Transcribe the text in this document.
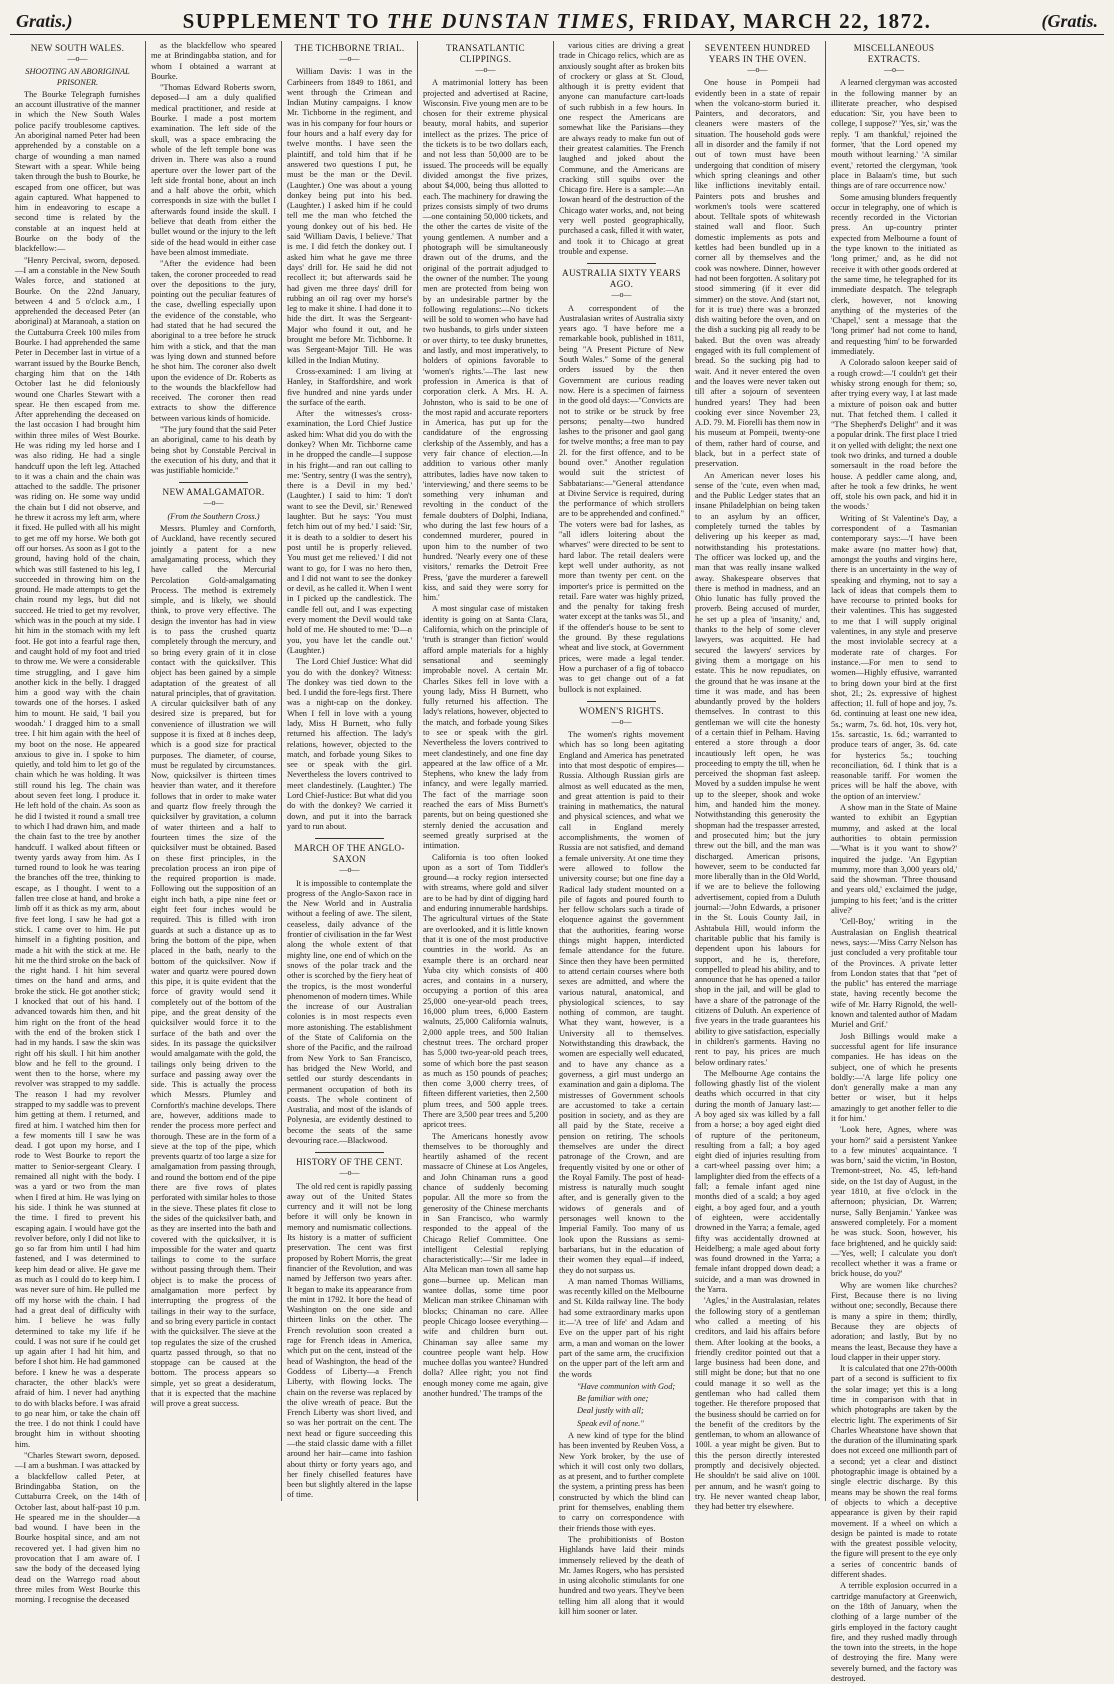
Gratis.)	SUPPLEMENT TO THE DUNSTAN TIMES, FRIDAY, MARCH 22, 1872.	(Gratis.
NEW SOUTH WALES.
—o—
SHOOTING AN ABORIGINAL PRISONER.

The Bourke Telegraph furnishes an account illustrative of the manner in which the New South Wales police pacify troublesome captives. An aboriginal named Peter had been apprehended by a constable on a charge of wounding a man named Stewart with a spear. While being taken through the bush to Bourke, he escaped from one officer, but was again captured. What happened to him in endeavoring to escape a second time is related by the constable at an inquest held at Bourke on the body of the blackfellow:—

"Henry Percival, sworn, deposed.—I am a constable in the New South Wales force, and stationed at Bourke. On the 22nd January, between 4 and 5 o'clock a.m., I apprehended the deceased Peter (an aboriginal) at Maranoah, a station on the Cuttaburra Creek 100 miles from Bourke. I had apprehended the same Peter in December last in virtue of a warrant issued by the Bourke Bench, charging him that on the 14th October last he did feloniously wound one Charles Stewart with a spear. He then escaped from me. After apprehending the deceased on the last occasion I had brought him within three miles of West Bourke. He was riding my led horse and I was also riding. He had a single handcuff upon the left leg. Attached to it was a chain and the chain was attached to the saddle. The prisoner was riding on. He some way undid the chain but I did not observe, and he threw it across my left arm, where it fixed. He pulled with all his might to get me off my horse. We both got off our horses. As soon as I got to the ground, having hold of the chain, which was still fastened to his leg, I succeeded in throwing him on the ground. He made attempts to get the chain round my legs, but did not succeed. He tried to get my revolver, which was in the pouch at my side. I hit him in the stomach with my left foot. He got into a fearful rage then, and caught hold of my foot and tried to throw me. We were a considerable time struggling, and I gave him another kick in the belly. I dragged him a good way with the chain towards one of the horses. I asked him to mount. He said, 'I bail you woodah.' I dragged him to a small tree. I hit him again with the heel of my boot on the nose. He appeared anxious to give in. I spoke to him quietly, and told him to let go of the chain which he was holding. It was still round his leg. The chain was about seven feet long. I produce it. He left hold of the chain. As soon as he did I twisted it round a small tree to which I had drawn him, and made the chain fast to the tree by another handcuff. I walked about fifteen or twenty yards away from him. As I turned round to look he was tearing the branches off the tree, thinking to escape, as I thought. I went to a fallen tree close at hand, and broke a limb off it as thick as my arm, about five feet long. I saw he had got a stick. I came over to him. He put himself in a fighting position, and made a hit with the stick at me. He hit me the third stroke on the back of the right hand. I hit him several times on the hand and arms, and broke the stick. He got another stick; I knocked that out of his hand. I advanced towards him then, and hit him right on the front of the head with the end of the broken stick I had in my hands. I saw the skin was right off his skull. I hit him another blow and he fell to the ground. I went then to the horse, where my revolver was strapped to my saddle. The reason I had my revolver strapped to my saddle was to prevent him getting at them. I returned, and fired at him. I watched him then for a few moments till I saw he was dead. I got upon my horse, and I rode to West Bourke to report the matter to Senior-sergeant Cleary. I remained all night with the body. I was a yard or two from the man when I fired at him. He was lying on his side. I think he was stunned at the time. I fired to prevent his escaping again. I would have got the revolver before, only I did not like to go so far from him until I had him fastened, and I was determined to keep him dead or alive. He gave me as much as I could do to keep him. I was never sure of him. He pulled me off my horse with the chain. I had had a great deal of difficulty with him. I believe he was fully determined to take my life if he could. I was not sure if he could get up again after I had hit him, and before I shot him. He had gammoned before. I knew he was a desperate character, the other black's were afraid of him. I never had anything to do with blacks before. I was afraid to go near him, or take the chain off the tree. I do not think I could have brought him in without shooting him.

"Charles Stewart sworn, deposed.—I am a bushman. I was attacked by a blackfellow called Peter, at Brindingabba Station, on the Cuttaburra Creek, on the 14th of October last, about half-past 10 p.m. He speared me in the shoulder—a bad wound. I have been in the Bourke hospital since, and am not recovered yet. I had given him no provocation that I am aware of. I saw the body of the deceased lying dead on the Warrego road about three miles from West Bourke this morning. I recognise the deceased

as the blackfellow who speared me at Brindingabba station, and for whom I obtained a warrant at Bourke.

"Thomas Edward Roberts sworn, deposed—I am a duly qualified medical practitioner, and reside at Bourke. I made a post mortem examination. The left side of the skull, was a space embracing the whole of the left temple bone was driven in. There was also a round aperture over the lower part of the left side frontal bone, about an inch and a half above the orbit, which corresponds in size with the bullet I afterwards found inside the skull. I believe that death from either the bullet wound or the injury to the left side of the head would in either case have been almost immediate.

"After the evidence had been taken, the coroner proceeded to read over the depositions to the jury, pointing out the peculiar features of the case, dwelling especially upon the evidence of the constable, who had stated that he had secured the aboriginal to a tree before he struck him with a stick, and that the man was lying down and stunned before he shot him. The coroner also dwelt upon the evidence of Dr. Roberts as to the wounds the blackfellow had received. The coroner then read extracts to show the difference between various kinds of homicide.

"The jury found that the said Peter an aboriginal, came to his death by being shot by Constable Percival in the execution of his duty, and that it was justifiable homicide."

NEW AMALGAMATOR.
—o—
(From the Southern Cross.)

Messrs. Plumley and Cornforth, of Auckland, have recently secured jointly a patent for a new amalgamating process, which they have called the Mercurial Percolation Gold-amalgamating Process. The method is extremely simple, and is likely, we should think, to prove very effective. The design the inventor has had in view is to pass the crushed quartz completely through the mercury, and so bring every grain of it in close contact with the quicksilver. This object has been gained by a simple adaptation of the greatest of all natural principles, that of gravitation. A circular quicksilver bath of any desired size is prepared, but for convenience of illustration we will suppose it is fixed at 8 inches deep, which is a good size for practical purposes. The diameter, of course, must be regulated by circumstances. Now, quicksilver is thirteen times heavier than water, and it therefore follows that in order to make water and quartz flow freely through the quicksilver by gravitation, a column of water thirteen and a half to fourteen times the size of the quicksilver must be obtained. Based on these first principles, in the precolation process an iron pipe of the required proportion is made. Following out the supposition of an eight inch bath, a pipe nine feet or eight feet four inches would be required. This is filled with iron guards at such a distance up as to bring the bottom of the pipe, when placed in the bath, nearly to the bottom of the quicksilver. Now if water and quartz were poured down this pipe, it is quite evident that the force of gravity would send it completely out of the bottom of the pipe, and the great density of the quicksilver would force it to the surface of the bath and over the sides. In its passage the quicksilver would amalgamate with the gold, the tailings only being driven to the surface and passing away over the side. This is actually the process which Messrs. Plumley and Cornforth's machine develops. There are, however, additions made to render the process more perfect and thorough. These are in the form of a sieve at the top of the pipe, which prevents quartz of too large a size for amalgamation from passing through, and round the bottom end of the pipe there are five rows of plates perforated with similar holes to those in the sieve. These plates fit close to the sides of the quicksilver bath, and as they are inserted into the bath and covered with the quicksilver, it is impossible for the water and quartz tailings to come to the surface without passing through them. Their object is to make the process of amalgamation more perfect by interrupting the progress of the tailings in their way to the surface, and so bring every particle in contact with the quicksilver. The sieve at the top regulates the size of the crushed quartz passed through, so that no stoppage can be caused at the bottom. The process appears so simple, yet so great a desideratum, that it is expected that the machine will prove a great success.

THE TICHBORNE TRIAL.
—o—

William Davis: I was in the Carbineers from 1849 to 1861, and went through the Crimean and Indian Mutiny campaigns. I know Mr. Tichborne in the regiment, and was in his company for four hours or four hours and a half every day for twelve months. I have seen the plaintiff, and told him that if he answered two questions I put, he must be the man or the Devil. (Laughter.) One was about a young donkey being put into his bed. (Laughter.) I asked him if he could tell me the man who fetched the young donkey out of his bed. He said 'William Davis, I believe.' That is me. I did fetch the donkey out. I asked him what he gave me three days' drill for. He said he did not recollect it; but afterwards said he had given me three days' drill for rubbing an oil rag over my horse's leg to make it shine. I had done it to hide the dirt. It was the Sergeant-Major who found it out, and he brought me before Mr. Tichborne. It was Sergeant-Major Till. He was killed in the Indian Mutiny.

Cross-examined: I am living at Hanley, in Staffordshire, and work five hundred and nine yards under the surface of the earth.

After the witnesses's cross-examination, the Lord Chief Justice asked him: What did you do with the donkey? When Mr. Tichborne came in he dropped the candle—I suppose in his fright—and ran out calling to me: 'Sentry, sentry (I was the sentry), there is a Devil in my bed.' (Laughter.) I said to him: 'I don't want to see the Devil, sir.' Renewed laughter. But he says: 'You must fetch him out of my bed.' I said: 'Sir, it is death to a soldier to desert his post until he is properly relieved. You must get me relieved.' I did not want to go, for I was no hero then, and I did not want to see the donkey or devil, as he called it. When I went in I picked up the candlestick. The candle fell out, and I was expecting every moment the Devil would take hold of me. He shouted to me: 'D—n you, you have let the candle out.' (Laughter.)

The Lord Chief Justice: What did you do with the donkey? Witness: The donkey was tied down to the bed. I undid the fore-legs first. There was a night-cap on the donkey. When I fell in love with a young lady, Miss H Burnett, who fully returned his affection. The lady's relations, however, objected to the match, and forbade young Sikes to see or speak with the girl. Nevertheless the lovers contrived to meet clandestinely. (Laughter.) The Lord Chief-Justice: But what did you do with the donkey? We carried it down, and put it into the barrack yard to run about.

MARCH OF THE ANGLO-SAXON
—o—

It is impossible to contemplate the progress of the Anglo-Saxon race in the New World and in Australia without a feeling of awe. The silent, ceaseless, daily advance of the frontier of civilisation in the far West along the whole extent of that mighty line, one end of which on the snows of the polar track and the other is scorched by the fiery heat of the tropics, is the most wonderful phenomenon of modern times. While the increase of our Australian colonies is in most respects even more astonishing. The establishment of the State of California on the shore of the Pacific, and the railroad from New York to San Francisco, has bridged the New World, and settled our sturdy descendants in permanent occupation of both its coasts. The whole continent of Australia, and most of the islands of Polynesia, are evidently destined to become the seats of the same devouring race.—Blackwood.

HISTORY OF THE CENT.
—o—

The old red cent is rapidly passing away out of the United States currency and it will not be long before it will only be known in memory and numismatic collections. Its history is a matter of sufficient preservation. The cent was first proposed by Robert Morris, the great financier of the Revolution, and was named by Jefferson two years after. It began to make its appearance from the mint in 1792. It bore the head of Washington on the one side and thirteen links on the other. The French revolution soon created a rage for French ideas in America, which put on the cent, instead of the head of Washington, the head of the Goddess of Liberty—a French Liberty, with flowing locks. The chain on the reverse was replaced by the olive wreath of peace. But the French Liberty was short lived, and so was her portrait on the cent. The next head or figure succeeding this—the staid classic dame with a fillet around her hair—came into fashion about thirty or forty years ago, and her finely chiselled features have been but slightly altered in the lapse of time.

TRANSATLANTIC CLIPPINGS.
—o—

A matrimonial lottery has been projected and advertised at Racine, Wisconsin. Five young men are to be chosen for their extreme physical beauty, moral habits, and superior intellect as the prizes. The price of the tickets is to be two dollars each, and not less than 50,000 are to be issued. The proceeds will be equally divided amongst the five prizes, about $4,000, being thus allotted to each. The machinery for drawing the prizes consists simply of two drums—one containing 50,000 tickets, and the other the cartes de visite of the young gentlemen. A number and a photograph will be simultaneously drawn out of the drums, and the original of the portrait adjudged to the owner of the number. The young men are protected from being won by an undesirable partner by the following regulations:—No tickets will be sold to women who have had two husbands, to girls under sixteen or over thirty, to tee dusky brunettes, and lastly, and most imperatively, to holders of opinions favorable to 'women's rights.'—The last new profession in America is that of corporation clerk. A Mrs. H. A. Johnston, who is said to be one of the most rapid and accurate reporters in America, has put up for the candidature of the engrossing clerkship of the Assembly, and has a very fair chance of election.—In addition to various other manly attributes, ladies have now taken to 'interviewing,' and there seems to be something very inhuman and revolting in the conduct of the female doubters of Dolphi, Indiana, who during the last few hours of a condemned murderer, poured in upon him to the number of two hundred. 'Nearly every one of these visitors,' remarks the Detroit Free Press, 'gave the murderer a farewell kiss, and said they were sorry for him.'

A most singular case of mistaken identity is going on at Santa Clara, California, which on the principle of 'truth is stranger than fiction' would afford ample materials for a highly sensational and seemingly improbable novel. A certain Mr. Charles Sikes fell in love with a young lady, Miss H Burnett, who fully returned his affection. The lady's relations, however, objected to the match, and forbade young Sikes to see or speak with the girl. Nevertheless the lovers contrived to meet clandestinely, and one fine day appeared at the law office of a Mr. Stephens, who knew the lady from infancy, and were legally married. The fact of the marriage soon reached the ears of Miss Burnett's parents, but on being questioned she sternly denied the accusation and seemed greatly surprised at the intimation.

California is too often looked upon as a sort of Tom Tiddler's ground—a rocky region intersected with streams, where gold and silver are to be had by dint of digging hard and enduring innumerable hardships. The agricultural virtues of the State are overlooked, and it is little known that it is one of the most productive countries in the world. As an example there is an orchard near Yuba city which consists of 400 acres, and contains in a nursery, occupying a portion of this area 25,000 one-year-old peach trees, 16,000 plum trees, 6,000 Eastern walnuts, 25,000 California walnuts, 2,000 apple trees, and 500 Italian chestnut trees. The orchard proper has 5,000 two-year-old peach trees, some of which bore the past season as much as 150 pounds of peaches; then come 3,000 cherry trees, of fifteen different varieties, then 2,500 plum trees, and 500 apple trees. There are 3,500 pear trees and 5,200 apricot trees.

The Americans honestly avow themselves to be thoroughly and heartily ashamed of the recent massacre of Chinese at Los Angeles, and John Chinaman runs a good chance of suddenly becoming popular. All the more so from the generosity of the Chinese merchants in San Francisco, who warmly responded to the appeal of the Chicago Relief Committee. One intelligent Celestial replying characteristically:—'Sir me ladee in Alta Melican man town all same hap gone—burnee up. Melican man wantee dollas, some time poor Melican man strikee Chinaman with blocks; Chinaman no care. Allee people Chicago loosee everything—wife and children burn out. Chinaman say allee same my countree people want help. How muchee dollas you wantee? Hundred dolla? Allee right; you not find enough money come me again, give another hundred.' The tramps of the

various cities are driving a great trade in Chicago relics, which are as anxiously sought after as broken bits of crockery or glass at St. Cloud, although it is pretty evident that anyone can manufacture cart-loads of such rubbish in a few hours. In one respect the Americans are somewhat like the Parisians—they are always ready to make fun out of their greatest calamities. The French laughed and joked about the Commune, and the Americans are cracking still squibs over the Chicago fire. Here is a sample:—An Iowan heard of the destruction of the Chicago water works, and, not being very well posted geographically, purchased a cask, filled it with water, and took it to Chicago at great trouble and expense.

AUSTRALIA SIXTY YEARS AGO.
—o—

A correspondent of the Australasian writes of Australia sixty years ago. 'I have before me a remarkable book, published in 1811, being "A Present Picture of New South Wales." Some of the general orders issued by the then Government are curious reading now. Here is a specimen of fairness in the good old days:—"Convicts are not to strike or be struck by free persons; penalty—two hundred lashes to the prisoner and gaol gang for twelve months; a free man to pay 2l. for the first offence, and to be bound over." Another regulation would suit the strictest of Sabbatarians:—"General attendance at Divine Service is required, during the performance of which strollers are to be apprehended and confined." The voters were bad for lashes, as "all idlers loitering about the wharves" were directed to be sent to hard labor. The retail dealers were kept well under authority, as not more than twenty per cent. on the importer's price is permitted on the retail. Fare water was highly prized, and the penalty for taking fresh water except at the tanks was 5l., and if the offender's house to be sent to the ground. By these regulations wheat and live stock, at Government prices, were made a legal tender. How a purchaser of a fig of tobacco was to get change out of a fat bullock is not explained.

WOMEN'S RIGHTS.
—o—

The women's rights movement which has so long been agitating England and America has penetrated into that most despotic of empires—Russia. Although Russian girls are almost as well educated as the men, and great attention is paid to their training in mathematics, the natural and physical sciences, and what we call in England merely accomplishments, the women of Russia are not satisfied, and demand a female university. At one time they were allowed to follow the university course; but one fine day a Radical lady student mounted on a pile of fagots and poured fourth to her fellow scholars such a tirade of eloquence against the government that the authorities, fearing worse things might happen, interdicted female attendance for the future. Since then they have been permitted to attend certain courses where both sexes are admitted, and where the various natural, anatomical, and physiological sciences, to say nothing of common, are taught. What they want, however, is a University all to themselves. Notwithstanding this drawback, the women are especially well educated, and to have any chance as a governess, a girl must undergo an examination and gain a diploma. The mistresses of Government schools are accustomed to take a certain position in society, and as they are all paid by the State, receive a pension on retiring. The schools themselves are under the direct patronage of the Crown, and are frequently visited by one or other of the Royal Family. The post of head-mistress is naturally much sought after, and is generally given to the widows of generals and of personages well known to the Imperial Family. Too many of us look upon the Russians as semi-barbarians, but in the education of their women they equal—if indeed, they do not surpass us.

A man named Thomas Williams, was recently killed on the Melbourne and St. Kilda railway line. The body had some extraordinary marks upon it:—'A tree of life' and Adam and Eve on the upper part of his right arm, a man and woman on the lower part of the same arm, the crucifixion on the upper part of the left arm and the words

"Have communion with God;

Be familiar with one;

Deal justly with all;

Speak evil of none."

A new kind of type for the blind has been invented by Reuben Voss, a New York broker, by the use of which it will cost only two dollars, as at present, and to further complete the system, a printing press has been constructed by which the blind can print for themselves, enabling them to carry on correspondence with their friends those with eyes.

The prohibitionists of Boston Highlands have laid their minds immensely relieved by the death of Mr. James Rogers, who has persisted in using alcoholic stimulants for one hundred and two years. They've been telling him all along that it would kill him sooner or later.

SEVENTEEN HUNDRED YEARS IN THE OVEN.
—o—

One house in Pompeii had evidently been in a state of repair when the volcano-storm buried it. Painters, and decorators, and cleaners were masters of the situation. The household gods were all in disorder and the family if not out of town must have been undergoing that condition of misery which spring cleanings and other like inflictions inevitably entail. Painters pots and brushes and workmen's tools were scattered about. Telltale spots of whitewash stained wall and floor. Such domestic implements as pots and kettles had been bundled up in a corner all by themselves and the cook was nowhere. Dinner, however had not been forgotten. A solitary pot stood simmering (if it ever did simmer) on the stove. And (start not, for it is true) there was a bronzed dish waiting before the oven, and on the dish a sucking pig all ready to be baked. But the oven was already engaged with its full complement of bread. So the sucking pig had to wait. And it never entered the oven and the loaves were never taken out till after a sojourn of seventeen hundred years! They had been cooking ever since November 23, A.D. 79. M. Fiorelli has them now in his museum at Pompeii, twenty-one of them, rather hard of course, and black, but in a perfect state of preservation.

An American never loses his sense of the 'cute, even when mad, and the Public Ledger states that an insane Philadelphian on being taken to an asylum by an officer, completely turned the tables by delivering up his keeper as mad, notwithstanding his protestations. The officer was locked up, and the man that was really insane walked away. Shakespeare observes that there is method in madness, and an Ohio lunatic has fully proved the proverb. Being accused of murder, he set up a plea of 'insanity,' and, thanks to the help of some clever lawyers, was acquitted. He had secured the lawyers' services by giving them a mortgage on his estate. This he now repudiates, on the ground that he was insane at the time it was made, and has been abundantly proved by the holders themselves. In contrast to this gentleman we will cite the honesty of a certain thief in Pelham. Having entered a store through a door incautiously left open, he was proceeding to empty the till, when he perceived the shopman fast asleep. Moved by a sudden impulse he went up to the sleeper, shook and woke him, and handed him the money. Notwithstanding this generosity the shopman had the trespasser arrested, and prosecuted him; but the jury threw out the bill, and the man was discharged. American prisons, however, seem to be conducted far more liberally than in the Old World, if we are to believe the following advertisement, copied from a Duluth journal:—'John Edwards, a prisoner in the St. Louis County Jail, in Ashtabula Hill, would inform the charitable public that his family is dependent upon his labours for support, and he is, therefore, compelled to plead his ability, and to announce that he has opened a tailor shop in the jail, and will be glad to have a share of the patronage of the citizens of Duluth. An experience of five years in the trade guarantees his ability to give satisfaction, especially in children's garments. Having no rent to pay, his prices are much below ordinary rates.'

The Melbourne Age contains the following ghastly list of the violent deaths which occurred in that city during the month of January last:—A boy aged six was killed by a fall from a horse; a boy aged eight died of rupture of the peritoneum, resulting from a fall; a boy aged eight died of injuries resulting from a cart-wheel passing over him; a lamplighter died from the effects of a fall; a female infant aged nine months died of a scald; a boy aged eight, a boy aged four, and a youth of eighteen, were accidentally drowned in the Yarra; a female, aged fifty was accidentally drowned at Heidelberg; a male aged about forty was found drowned in the Yarra; a female infant dropped down dead; a suicide, and a man was drowned in the Yarra.

'Agles,' in the Australasian, relates the following story of a gentleman who called a meeting of his creditors, and laid his affairs before them. After looking at the books, a friendly creditor pointed out that a large business had been done, and still might be done; but that no one could manage it so well as the gentleman who had called them together. He therefore proposed that the business should be carried on for the benefit of the creditors by the gentleman, to whom an allowance of 100l. a year might be given. But to this the person directly interested promptly and decisively objected. He shouldn't be said alive on 100l. per annum, and he wasn't going to try. He never wanted cheap labor, they had better try elsewhere.

MISCELLANEOUS EXTRACTS.
—o—

A learned clergyman was accosted in the following manner by an illiterate preacher, who despised education: 'Sir, you have been to college, I suppose?' 'Yes, sir,' was the reply. 'I am thankful,' rejoined the former, 'that the Lord opened my mouth without learning.' 'A similar event,' retorted the clergyman, 'took place in Balaam's time, but such things are of rare occurrence now.'

Some amusing blunders frequently occur in telegraphy, one of which is recently recorded in the Victorian press. An up-country printer expected from Melbourne a fount of the type known to the initiated as 'long primer,' and, as he did not receive it with other goods ordered at the same time, he telegraphed for its immediate despatch. The telegraph clerk, however, not knowing anything of the mysteries of the 'Chapel,' sent a message that the 'long primer' had not come to hand, and requesting 'him' to be forwarded immediately.

A Colorado saloon keeper said of a rough crowd:—'I couldn't get their whisky strong enough for them; so, after trying every way, I at last made a mixture of poison oak and butter nut. That fetched them. I called it "The Shepherd's Delight" and it was a popular drink. The first place I tried it on yelled with delight; the next one took two drinks, and turned a double somersault in the road before the house. A peddler came along, and, after he took a few drinks, he went off, stole his own pack, and hid it in the woods.'

Writing of St Valentine's Day, a correspondent of a Tasmanian contemporary says:—'I have been make aware (no matter how) that, amongst the youths and virgins here, there is an uncertainty in the way of speaking and rhyming, not to say a lack of ideas that compels them to have recourse to printed books for their valentines. This has suggested to me that I will supply original valentines, in any style and preserve the most inviolable secrecy at a moderate rate of charges. For instance.—For men to send to women—Highly effusive, warranted to bring down your bird at the first shot, 2l.; 2s. expressive of highest affection; 1l. full of hope and joy, 7s. 6d. continuing at least one new idea, 5s.; warm, 7s. 6d. hot, 10s. very hot, 15s. sarcastic, 1s. 6d.; warranted to produce tears of anger, 3s. 6d. cate for hysterics 5s.; touching reconciliation, 6d. I think that is a reasonable tariff. For women the prices will be half the above, with the option of an interview.'

A show man in the State of Maine wanted to exhibit an Egyptian mummy, and asked at the local authorities to obtain permission—'What is it you want to show?' inquired the judge. 'An Egyptian mummy, more than 3,000 years old,' said the showman. 'Three thousand and years old,' exclaimed the judge, jumping to his feet; 'and is the critter alive?'

'Cell-Boy,' writing in the Australasian on English theatrical news, says:—'Miss Carry Nelson has just concluded a very profitable tour of the Provinces. A private letter from London states that that "pet of the public" has entered the marriage state, having recently become the wife of Mr. Harry Rignold, the well-known and talented author of Madam Muriel and Grif.'

Josh Billings would make a successful agent for life insurance companies. He has ideas on the subject, one of which he presents boldly:—'A large life policy one don't generally make a man any better or wiser, but it helps amazingly to get another feller to die it for him.'

'Look here, Agnes, where was your horn?' said a persistent Yankee to a few minutes' acquaintance. 'I was born,' said the victim, 'in Boston, Tremont-street, No. 45, left-hand side, on the 1st day of August, in the year 1810, at five o'clock in the afternoon; physician, Dr. Warren; nurse, Sally Benjamin.' Yankee was answered completely. For a moment he was stuck. Soon, however, his face brightened, and he quickly said:—'Yes, well; I calculate you don't recollect whether it was a frame or brick house, do you?'

Why are women like churches? First, Because there is no living without one; secondly, Because there is many a spire in them; thirdly, Because they are objects of adoration; and lastly, But by no means the least, Because they have a loud clapper in their upper story.

It is calculated that one 27th-000th part of a second is sufficient to fix the solar image; yet this is a long time in comparison with that in which photographs are taken by the electric light. The experiments of Sir Charles Wheatstone have shown that the duration of the illuminating spark does not exceed one millionth part of a second; yet a clear and distinct photographic image is obtained by a single electric discharge. By this means may be shown the real forms of objects to which a deceptive appearance is given by their rapid movement. If a wheel on which a design be painted is made to rotate with the greatest possible velocity, the figure will present to the eye only a series of concentric bands of different shades.

A terrible explosion occurred in a cartridge manufactory at Greenwich, on the 18th of January, when the clothing of a large number of the girls employed in the factory caught fire, and they rushed madly through the town into the streets, in the hope of destroying the fire. Many were severely burned, and the factory was destroyed.
